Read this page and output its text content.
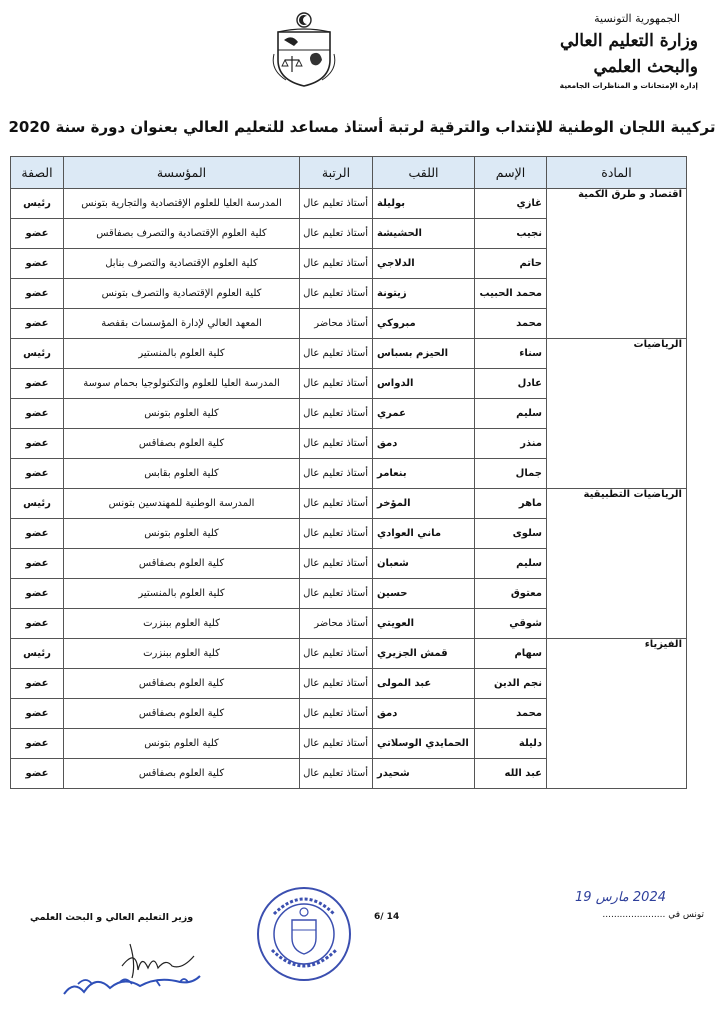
الجمهورية التونسية
وزارة التعليم العالي
والبحث العلمي
إدارة الإمتحانات و المناظرات الجامعية
تركيبة اللجان الوطنية للإنتداب والترقية لرتبة أستاذ مساعد للتعليم العالي بعنوان دورة سنة 2020
المادة	الإسم	اللقب	الرتبة	المؤسسة	الصفة
اقتصاد و طرق الكمية	غازي	بوليلة	أستاذ تعليم عال	المدرسة العليا للعلوم الإقتصادية والتجارية بتونس	رئيس
	نجيب	الحشيشة	أستاذ تعليم عال	كلية العلوم الإقتصادية والتصرف بصفاقس	عضو
	حاتم	الدلاجي	أستاذ تعليم عال	كلية العلوم الإقتصادية والتصرف بنابل	عضو
	محمد الحبيب	زيتونة	أستاذ تعليم عال	كلية العلوم الإقتصادية والتصرف بتونس	عضو
	محمد	مبروكي	أستاذ محاضر	المعهد العالي لإدارة المؤسسات بقفصة	عضو
الرياضيات	سناء	الحيزم بسباس	أستاذ تعليم عال	كلية العلوم بالمنستير	رئيس
	عادل	الدواس	أستاذ تعليم عال	المدرسة العليا للعلوم والتكنولوجيا بحمام سوسة	عضو
	سليم	عمري	أستاذ تعليم عال	كلية العلوم بتونس	عضو
	منذر	دمق	أستاذ تعليم عال	كلية العلوم بصفاقس	عضو
	جمال	بنعامر	أستاذ تعليم عال	كلية العلوم بقابس	عضو
الرياضيات التطبيقية	ماهر	المؤخر	أستاذ تعليم عال	المدرسة الوطنية للمهندسين بتونس	رئيس
	سلوى	ماني العوادي	أستاذ تعليم عال	كلية العلوم بتونس	عضو
	سليم	شعبان	أستاذ تعليم عال	كلية العلوم بصفاقس	عضو
	معتوق	حسين	أستاذ تعليم عال	كلية العلوم بالمنستير	عضو
	شوقي	العويتي	أستاذ محاضر	كلية العلوم ببنزرت	عضو
الفيزياء	سهام	قمش الجزيري	أستاذ تعليم عال	كلية العلوم ببنزرت	رئيس
	نجم الدين	عبد المولى	أستاذ تعليم عال	كلية العلوم بصفاقس	عضو
	محمد	دمق	أستاذ تعليم عال	كلية العلوم بصفاقس	عضو
	دليلة	الحمايدي الوسلاتي	أستاذ تعليم عال	كلية العلوم بتونس	عضو
	عبد الله	شحيدر	أستاذ تعليم عال	كلية العلوم بصفاقس	عضو
وزير التعليم العالي و البحث العلمي	6/ 14
2024 مارس 19
تونس في ......................
